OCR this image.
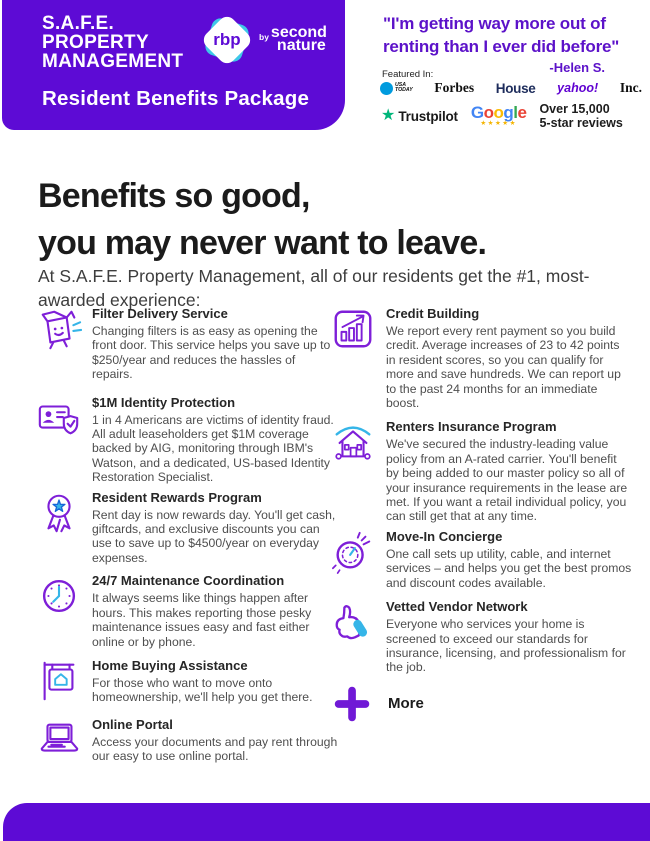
S.A.F.E.
PROPERTY
MANAGEMENT
rbp	$^{by}$ second
nature
Resident Benefits Package
"I'm getting way more out of
renting than I ever did before"
-Helen S.
Featured In:
USA
TODAY Forbes House yahoo! Inc.
★ Trustpilot Google
★★★★★
Over 15,000
5-star reviews
Benefits so good,
you may never want to leave.

At S.A.F.E. Property Management, all of our residents get the #1, most-awarded experience:

Filter Delivery Service

Changing filters is as easy as opening the front door. This service helps you save up to $250/year and reduces the hassles of repairs.

$1M Identity Protection

1 in 4 Americans are victims of identity fraud. All adult leaseholders get $1M coverage backed by AIG, monitoring through IBM's Watson, and a dedicated, US-based Identity Restoration Specialist.

Resident Rewards Program

Rent day is now rewards day. You'll get cash, giftcards, and exclusive discounts you can use to save up to $4500/year on everyday expenses.

24/7 Maintenance Coordination

It always seems like things happen after hours. This makes reporting those pesky maintenance issues easy and fast either online or by phone.

Home Buying Assistance

For those who want to move onto homeownership, we'll help you get there.

Online Portal

Access your documents and pay rent through our easy to use online portal.

Credit Building

We report every rent payment so you build credit. Average increases of 23 to 42 points in resident scores, so you can qualify for more and save hundreds. We can report up to the past 24 months for an immediate boost.

Renters Insurance Program

We've secured the industry-leading value policy from an A-rated carrier. You'll benefit by being added to our master policy so all of your insurance requirements in the lease are met. If you want a retail individual policy, you can still get that at any time.

Move-In Concierge

One call sets up utility, cable, and internet services – and helps you get the best promos and discount codes available.

Vetted Vendor Network

Everyone who services your home is screened to exceed our standards for insurance, licensing, and professionalism for the job.

More
